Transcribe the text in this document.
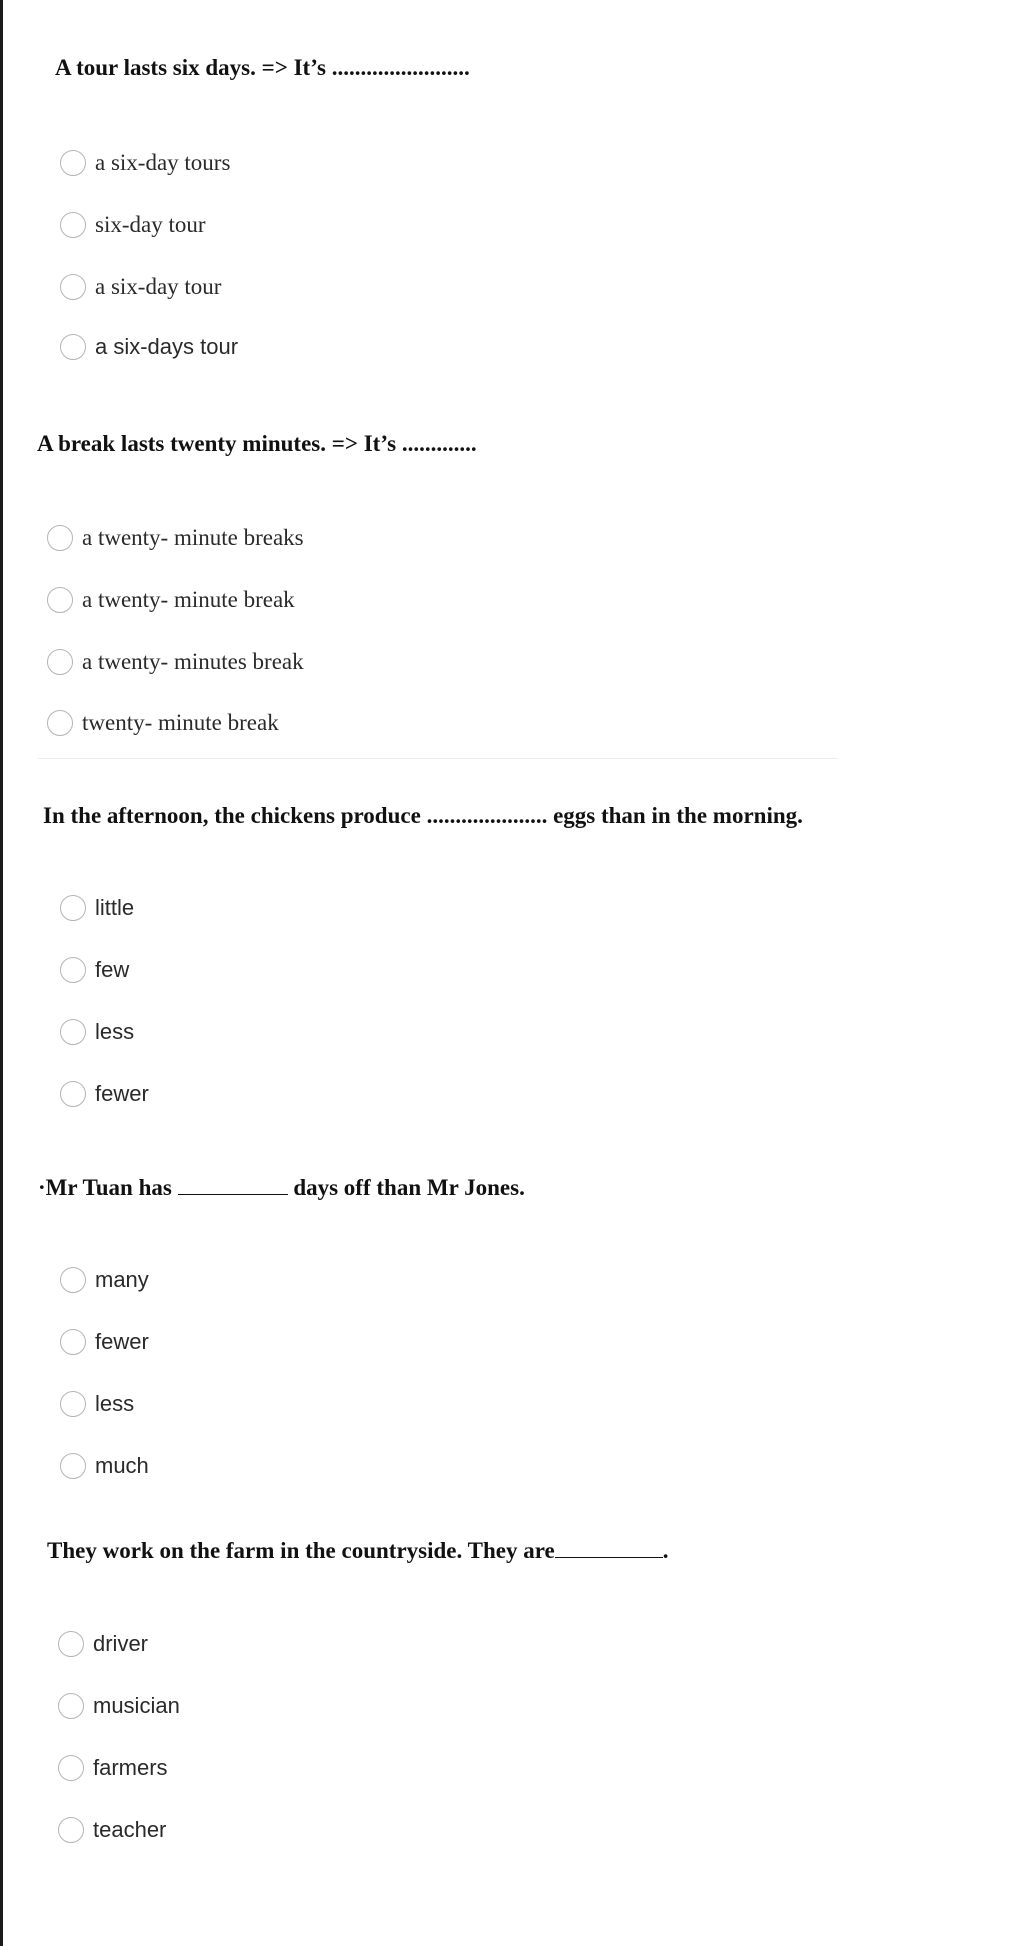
A tour lasts six days. => It’s ........................
a six-day tours
six-day tour
a six-day tour
a six-days tour
A break lasts twenty minutes. => It’s .............
a twenty- minute breaks
a twenty- minute break
a twenty- minutes break
twenty- minute break
In the afternoon, the chickens produce ..................... eggs than in the morning.
little
few
less
fewer
·Mr Tuan has	days off than Mr Jones.
many
fewer
less
much
They work on the farm in the countryside. They are	.
driver
musician
farmers
teacher
